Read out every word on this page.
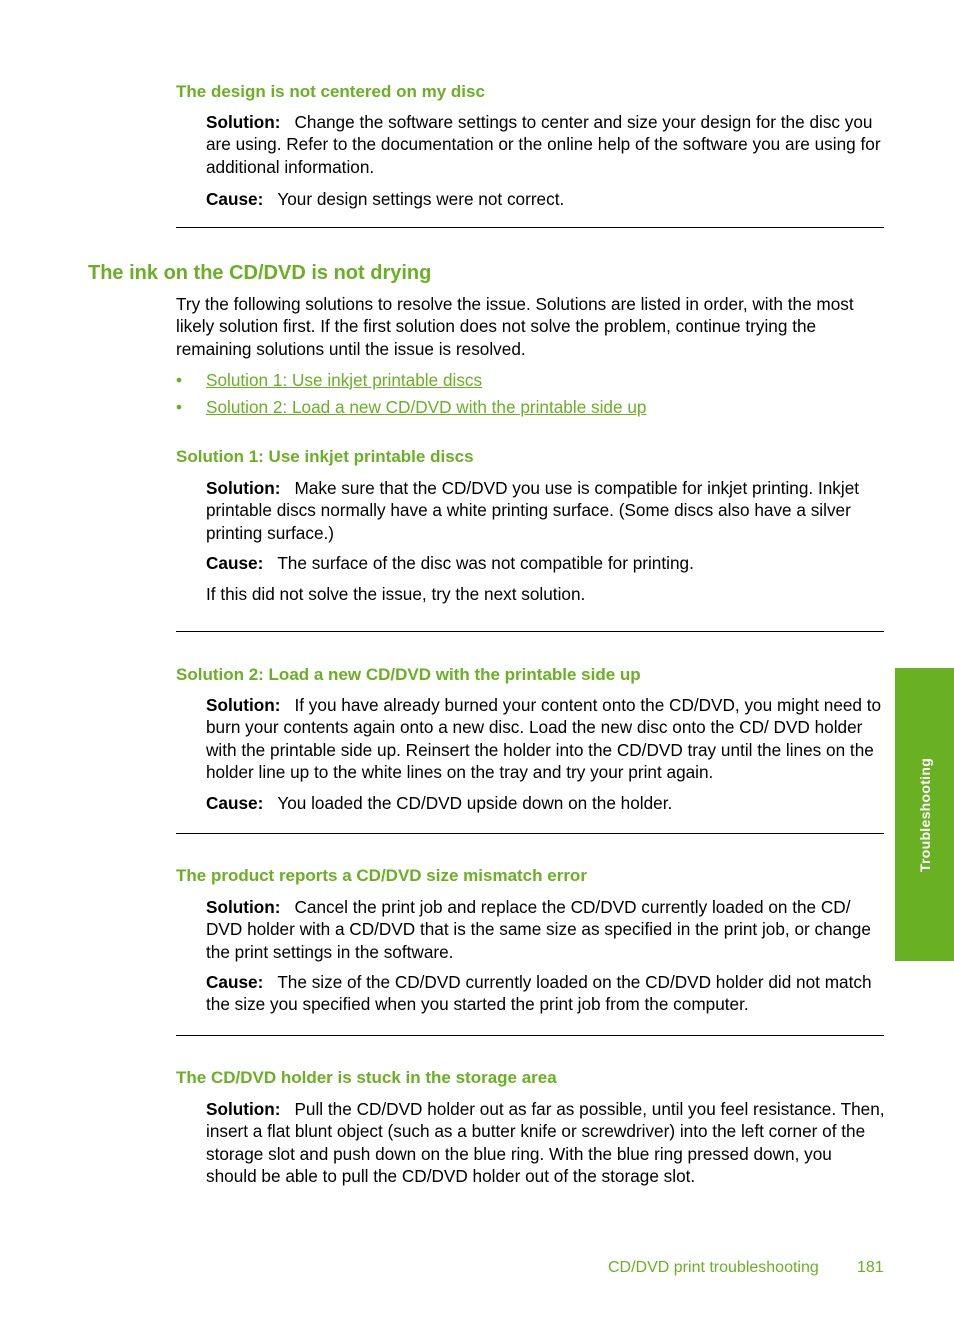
The design is not centered on my disc
Solution: Change the software settings to center and size your design for the disc you are using. Refer to the documentation or the online help of the software you are using for additional information.
Cause: Your design settings were not correct.
The ink on the CD/DVD is not drying
Try the following solutions to resolve the issue. Solutions are listed in order, with the most likely solution first. If the first solution does not solve the problem, continue trying the remaining solutions until the issue is resolved.
• Solution 1: Use inkjet printable discs
• Solution 2: Load a new CD/DVD with the printable side up
Solution 1: Use inkjet printable discs
Solution: Make sure that the CD/DVD you use is compatible for inkjet printing. Inkjet printable discs normally have a white printing surface. (Some discs also have a silver printing surface.)
Cause: The surface of the disc was not compatible for printing.
If this did not solve the issue, try the next solution.
Solution 2: Load a new CD/DVD with the printable side up
Solution: If you have already burned your content onto the CD/DVD, you might need to burn your contents again onto a new disc. Load the new disc onto the CD/ DVD holder with the printable side up. Reinsert the holder into the CD/DVD tray until the lines on the holder line up to the white lines on the tray and try your print again.
Cause: You loaded the CD/DVD upside down on the holder.
The product reports a CD/DVD size mismatch error
Solution: Cancel the print job and replace the CD/DVD currently loaded on the CD/ DVD holder with a CD/DVD that is the same size as specified in the print job, or change the print settings in the software.
Cause: The size of the CD/DVD currently loaded on the CD/DVD holder did not match the size you specified when you started the print job from the computer.
The CD/DVD holder is stuck in the storage area
Solution: Pull the CD/DVD holder out as far as possible, until you feel resistance. Then, insert a flat blunt object (such as a butter knife or screwdriver) into the left corner of the storage slot and push down on the blue ring. With the blue ring pressed down, you should be able to pull the CD/DVD holder out of the storage slot.
Troubleshooting
CD/DVD print troubleshooting 181
